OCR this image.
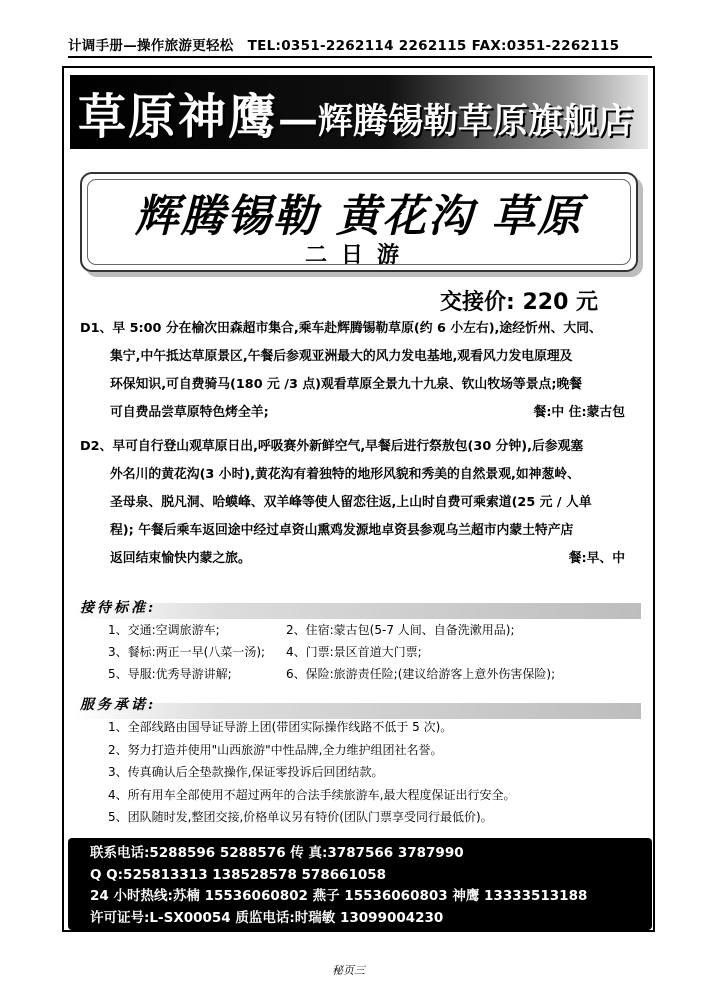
计调手册—操作旅游更轻松 TEL:0351-2262114 2262115 FAX:0351-2262115
草原神鹰—辉腾锡勒草原旗舰店
辉腾锡勒 黄花沟 草原
二日游
交接价: 220 元
D1、早 5:00 分在榆次田森超市集合,乘车赴辉腾锡勒草原(约 6 小左右),途经忻州、大同、
集宁,中午抵达草原景区,午餐后参观亚洲最大的风力发电基地,观看风力发电原理及
环保知识,可自费骑马(180 元 /3 点)观看草原全景九十九泉、钦山牧场等景点;晚餐
可自费品尝草原特色烤全羊;	餐:中 住:蒙古包
D2、早可自行登山观草原日出,呼吸赛外新鲜空气,早餐后进行祭敖包(30 分钟),后参观塞
外名川的黄花沟(3 小时),黄花沟有着独特的地形风貌和秀美的自然景观,如神葱岭、
圣母泉、脱凡洞、哈蟆峰、双羊峰等使人留恋往返,上山时自费可乘索道(25 元 / 人单
程); 午餐后乘车返回途中经过卓资山熏鸡发源地卓资县参观乌兰超市内蒙土特产店
返回结束愉快内蒙之旅。	餐:早、中
接待标准:
1、交通:空调旅游车;	2、住宿:蒙古包(5-7 人间、自备洗漱用品);
3、餐标:两正一早(八菜一汤); 4、门票:景区首道大门票;
5、导服:优秀导游讲解;	6、保险:旅游责任险;(建议给游客上意外伤害保险);
服务承诺:
1、全部线路由国导证导游上团(带团实际操作线路不低于 5 次)。
2、努力打造并使用"山西旅游"中性品牌,全力维护组团社名誉。
3、传真确认后全垫款操作,保证零投诉后回团结款。
4、所有用车全部使用不超过两年的合法手续旅游车,最大程度保证出行安全。
5、团队随时发,整团交接,价格单议另有特价(团队门票享受同行最低价)。
联系电话:5288596 5288576 传 真:3787566 3787990
Q Q:525813313 138528578 578661058
24 小时热线:苏楠 15536060802 燕子 15536060803 神鹰 13333513188
许可证号:L-SX00054 质监电话:时瑞敏 13099004230
秘页三
